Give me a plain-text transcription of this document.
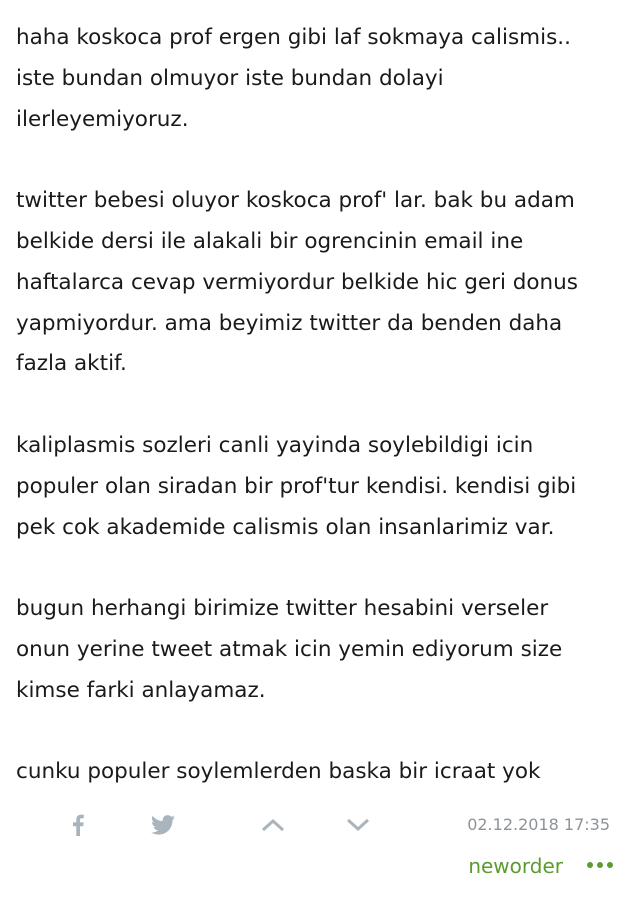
haha koskoca prof ergen gibi laf sokmaya calismis..
iste bundan olmuyor iste bundan dolayi
ilerleyemiyoruz.

twitter bebesi oluyor koskoca prof' lar. bak bu adam
belkide dersi ile alakali bir ogrencinin email ine
haftalarca cevap vermiyordur belkide hic geri donus
yapmiyordur. ama beyimiz twitter da benden daha
fazla aktif.

kaliplasmis sozleri canli yayinda soylebildigi icin
populer olan siradan bir prof'tur kendisi. kendisi gibi
pek cok akademide calismis olan insanlarimiz var.

bugun herhangi birimize twitter hesabini verseler
onun yerine tweet atmak icin yemin ediyorum size
kimse farki anlayamaz.

cunku populer soylemlerden baska bir icraat yok

02.12.2018 17:35
neworder
